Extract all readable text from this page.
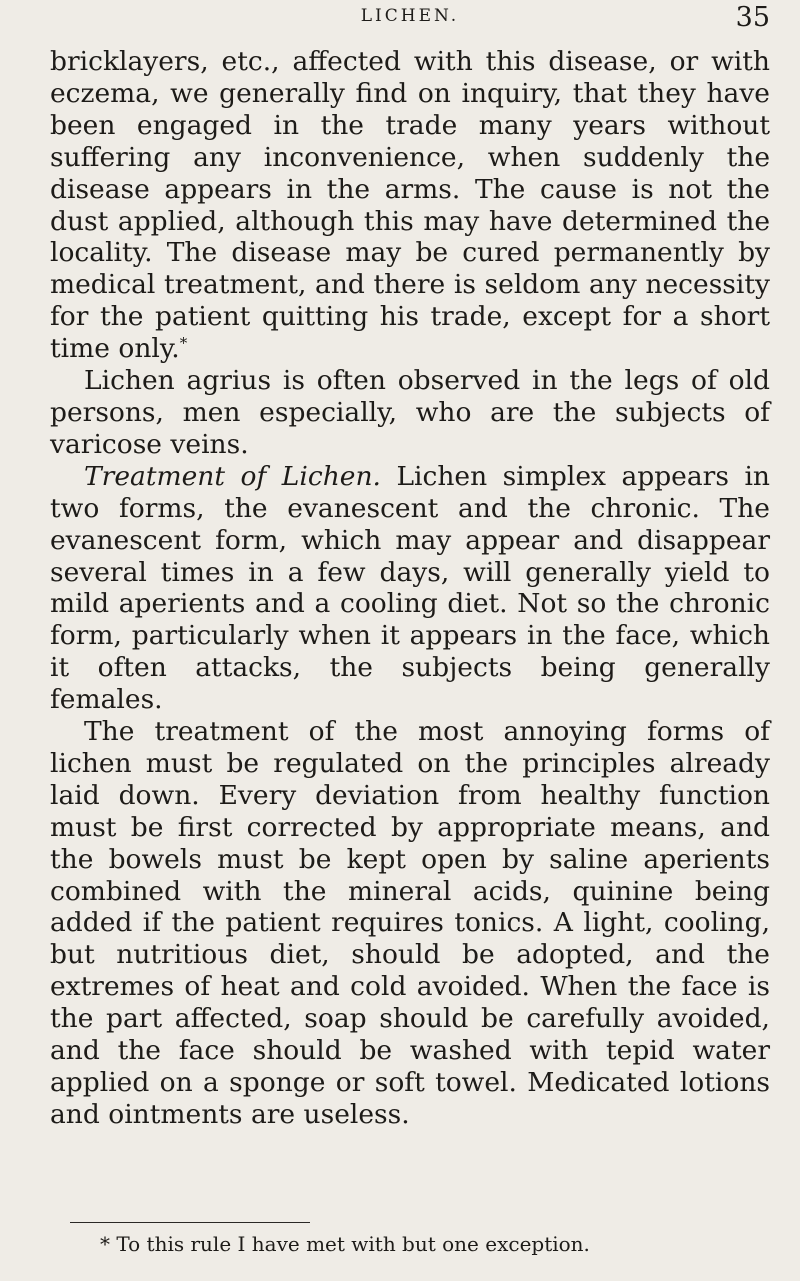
LICHEN.	35

bricklayers, etc., affected with this disease, or with eczema, we generally find on inquiry, that they have been engaged in the trade many years without suffering any inconvenience, when suddenly the disease appears in the arms. The cause is not the dust applied, although this may have determined the locality. The disease may be cured permanently by medical treatment, and there is seldom any necessity for the patient quitting his trade, except for a short time only.*

Lichen agrius is often observed in the legs of old persons, men especially, who are the subjects of varicose veins.

Treatment of Lichen. Lichen simplex appears in two forms, the evanescent and the chronic. The evanescent form, which may appear and disappear several times in a few days, will generally yield to mild aperients and a cooling diet. Not so the chronic form, particularly when it appears in the face, which it often attacks, the subjects being generally females.

The treatment of the most annoying forms of lichen must be regulated on the principles already laid down. Every deviation from healthy function must be first corrected by appropriate means, and the bowels must be kept open by saline aperients combined with the mineral acids, quinine being added if the patient requires tonics. A light, cooling, but nutritious diet, should be adopted, and the extremes of heat and cold avoided. When the face is the part affected, soap should be carefully avoided, and the face should be washed with tepid water applied on a sponge or soft towel. Medicated lotions and ointments are useless.

* To this rule I have met with but one exception.
